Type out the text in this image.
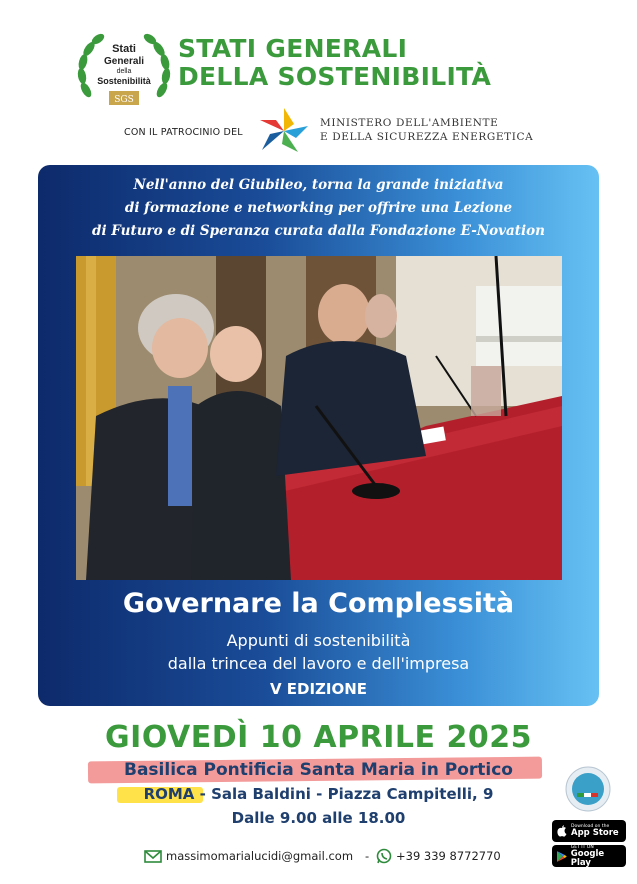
Stati
Generali
della
Sostenibilità
SGS
STATI GENERALI
DELLA SOSTENIBILITÀ
CON IL PATROCINIO DEL
MINISTERO DELL'AMBIENTE
E DELLA SICUREZZA ENERGETICA
Nell'anno del Giubileo, torna la grande iniziativa
di formazione e networking per offrire una Lezione
di Futuro e di Speranza curata dalla Fondazione E-Novation
Governare la Complessità
Appunti di sostenibilità
dalla trincea del lavoro e dell'impresa
V EDIZIONE
GIOVEDÌ 10 APRILE 2025
Basilica Pontificia Santa Maria in Portico
ROMA - Sala Baldini - Piazza Campitelli, 9
Dalle 9.00 alle 18.00
massimomarialucidi@gmail.com - +39 339 8772770
Download on the
App Store
GET IT ON
Google Play
